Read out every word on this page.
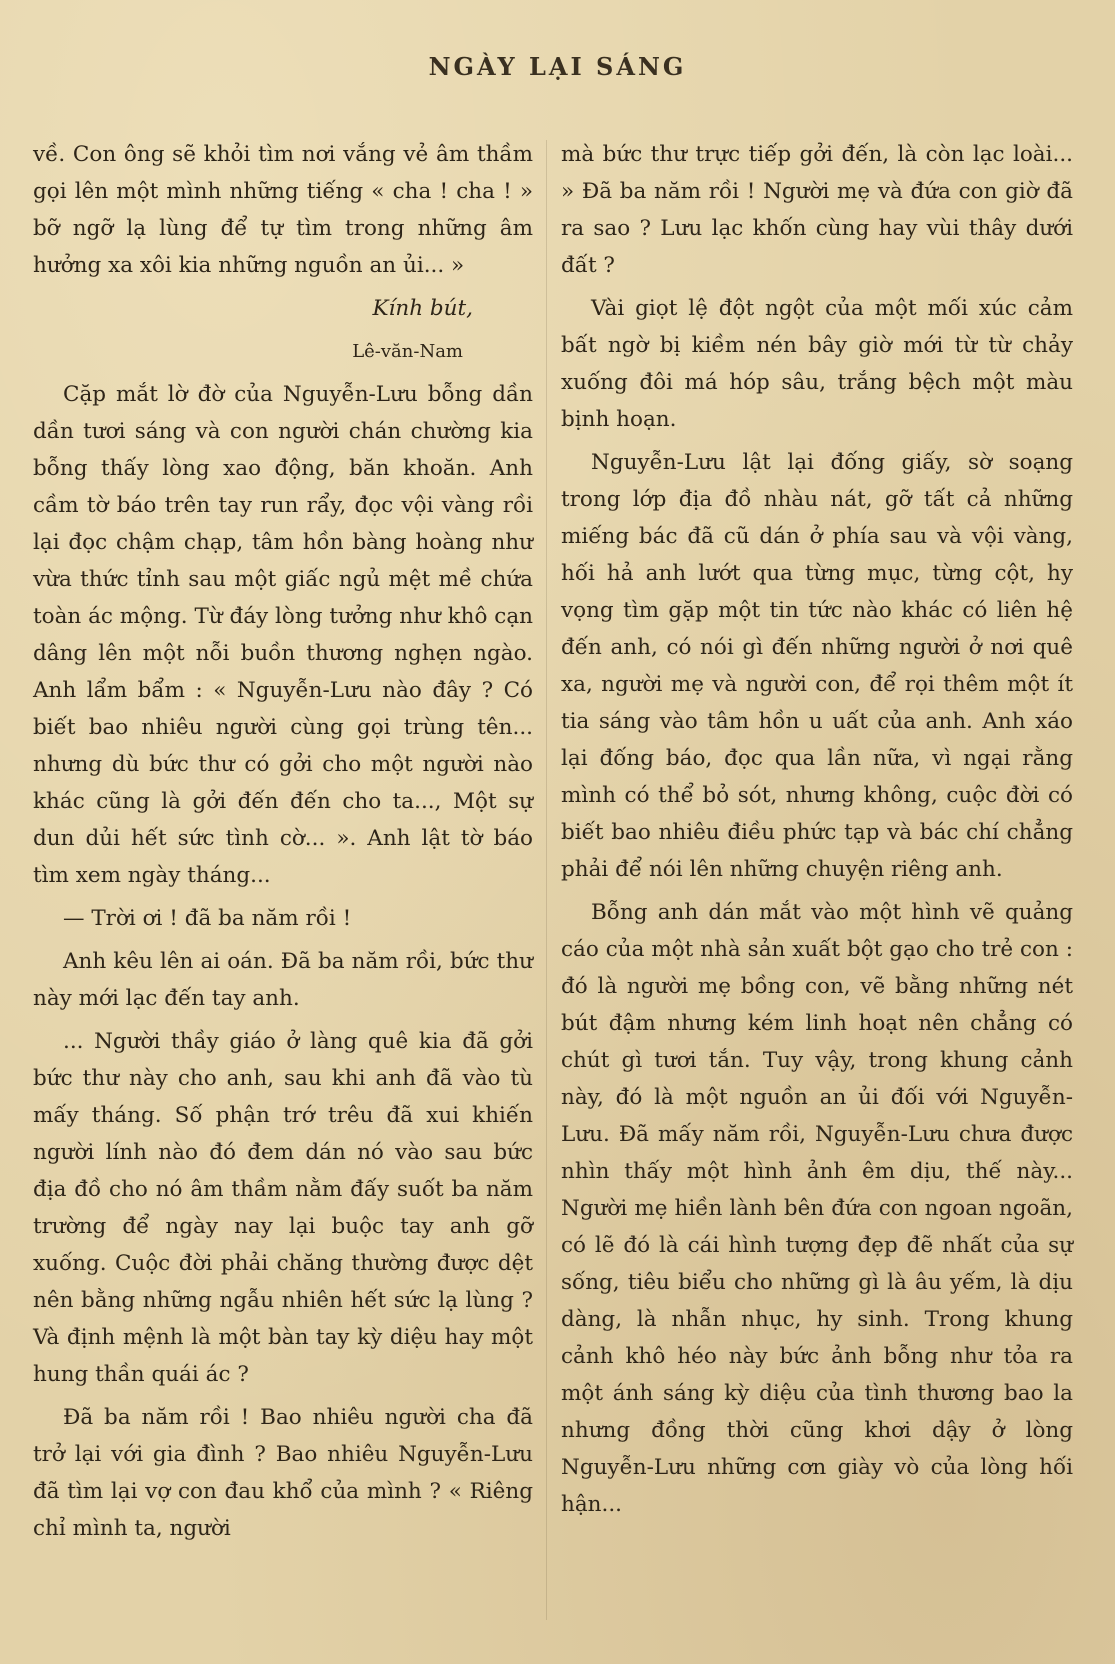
NGÀY LẠI SÁNG

về. Con ông sẽ khỏi tìm nơi vắng vẻ âm thầm gọi lên một mình những tiếng « cha ! cha ! » bỡ ngỡ lạ lùng để tự tìm trong những âm hưởng xa xôi kia những nguồn an ủi... »

Kính bút,

Lê-văn-Nam

Cặp mắt lờ đờ của Nguyễn-Lưu bỗng dần dần tươi sáng và con người chán chường kia bỗng thấy lòng xao động, băn khoăn. Anh cầm tờ báo trên tay run rẩy, đọc vội vàng rồi lại đọc chậm chạp, tâm hồn bàng hoàng như vừa thức tỉnh sau một giấc ngủ mệt mề chứa toàn ác mộng. Từ đáy lòng tưởng như khô cạn dâng lên một nỗi buồn thương nghẹn ngào. Anh lẩm bẩm : « Nguyễn-Lưu nào đây ? Có biết bao nhiêu người cùng gọi trùng tên... nhưng dù bức thư có gởi cho một người nào khác cũng là gởi đến đến cho ta..., Một sự dun dủi hết sức tình cờ... ». Anh lật tờ báo tìm xem ngày tháng...

— Trời ơi ! đã ba năm rồi !

Anh kêu lên ai oán. Đã ba năm rồi, bức thư này mới lạc đến tay anh.

... Người thầy giáo ở làng quê kia đã gởi bức thư này cho anh, sau khi anh đã vào tù mấy tháng. Số phận trớ trêu đã xui khiến người lính nào đó đem dán nó vào sau bức địa đồ cho nó âm thầm nằm đấy suốt ba năm trường để ngày nay lại buộc tay anh gỡ xuống. Cuộc đời phải chăng thường được dệt nên bằng những ngẫu nhiên hết sức lạ lùng ? Và định mệnh là một bàn tay kỳ diệu hay một hung thần quái ác ?

Đã ba năm rồi ! Bao nhiêu người cha đã trở lại với gia đình ? Bao nhiêu Nguyễn-Lưu đã tìm lại vợ con đau khổ của mình ? « Riêng chỉ mình ta, người

mà bức thư trực tiếp gởi đến, là còn lạc loài... » Đã ba năm rồi ! Người mẹ và đứa con giờ đã ra sao ? Lưu lạc khốn cùng hay vùi thây dưới đất ?

Vài giọt lệ đột ngột của một mối xúc cảm bất ngờ bị kiềm nén bây giờ mới từ từ chảy xuống đôi má hóp sâu, trắng bệch một màu bịnh hoạn.

Nguyễn-Lưu lật lại đống giấy, sờ soạng trong lớp địa đồ nhàu nát, gỡ tất cả những miếng bác đã cũ dán ở phía sau và vội vàng, hối hả anh lướt qua từng mục, từng cột, hy vọng tìm gặp một tin tức nào khác có liên hệ đến anh, có nói gì đến những người ở nơi quê xa, người mẹ và người con, để rọi thêm một ít tia sáng vào tâm hồn u uất của anh. Anh xáo lại đống báo, đọc qua lần nữa, vì ngại rằng mình có thể bỏ sót, nhưng không, cuộc đời có biết bao nhiêu điều phức tạp và bác chí chẳng phải để nói lên những chuyện riêng anh.

Bỗng anh dán mắt vào một hình vẽ quảng cáo của một nhà sản xuất bột gạo cho trẻ con : đó là người mẹ bồng con, vẽ bằng những nét bút đậm nhưng kém linh hoạt nên chẳng có chút gì tươi tắn. Tuy vậy, trong khung cảnh này, đó là một nguồn an ủi đối với Nguyễn-Lưu. Đã mấy năm rồi, Nguyễn-Lưu chưa được nhìn thấy một hình ảnh êm dịu, thế này... Người mẹ hiền lành bên đứa con ngoan ngoãn, có lẽ đó là cái hình tượng đẹp đẽ nhất của sự sống, tiêu biểu cho những gì là âu yếm, là dịu dàng, là nhẫn nhục, hy sinh. Trong khung cảnh khô héo này bức ảnh bỗng như tỏa ra một ánh sáng kỳ diệu của tình thương bao la nhưng đồng thời cũng khơi dậy ở lòng Nguyễn-Lưu những cơn giày vò của lòng hối hận...
